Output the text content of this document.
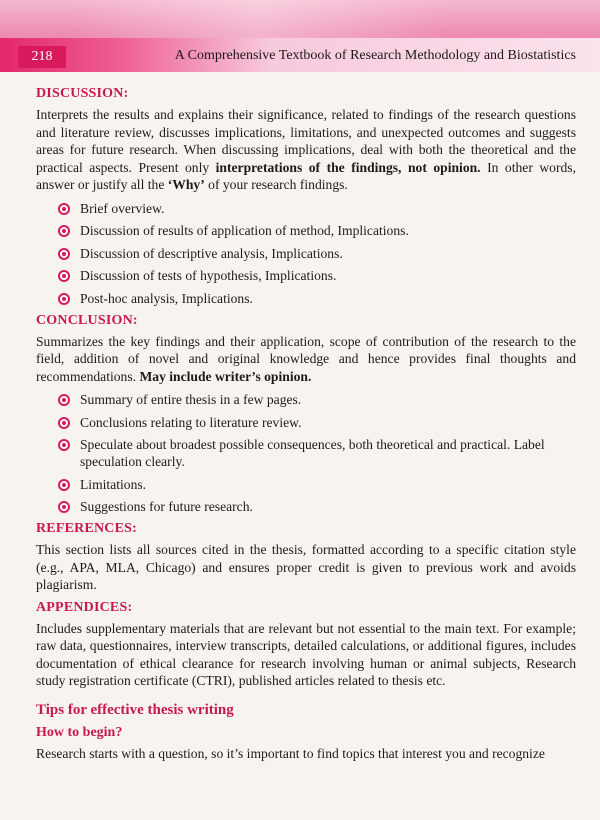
218	A Comprehensive Textbook of Research Methodology and Biostatistics
DISCUSSION:

Interprets the results and explains their significance, related to findings of the research questions and literature review, discusses implications, limitations, and unexpected outcomes and suggests areas for future research. When discussing implications, deal with both the theoretical and the practical aspects. Present only interpretations of the findings, not opinion. In other words, answer or justify all the ‘Why’ of your research findings.

Brief overview.
Discussion of results of application of method, Implications.
Discussion of descriptive analysis, Implications.
Discussion of tests of hypothesis, Implications.
Post-hoc analysis, Implications.
CONCLUSION:

Summarizes the key findings and their application, scope of contribution of the research to the field, addition of novel and original knowledge and hence provides final thoughts and recommendations. May include writer’s opinion.

Summary of entire thesis in a few pages.
Conclusions relating to literature review.
Speculate about broadest possible consequences, both theoretical and practical. Label speculation clearly.
Limitations.
Suggestions for future research.
REFERENCES:

This section lists all sources cited in the thesis, formatted according to a specific citation style (e.g., APA, MLA, Chicago) and ensures proper credit is given to previous work and avoids plagiarism.

APPENDICES:

Includes supplementary materials that are relevant but not essential to the main text. For example; raw data, questionnaires, interview transcripts, detailed calculations, or additional figures, includes documentation of ethical clearance for research involving human or animal subjects, Research study registration certificate (CTRI), published articles related to thesis etc.

Tips for effective thesis writing
How to begin?

Research starts with a question, so it’s important to find topics that interest you and recognize
